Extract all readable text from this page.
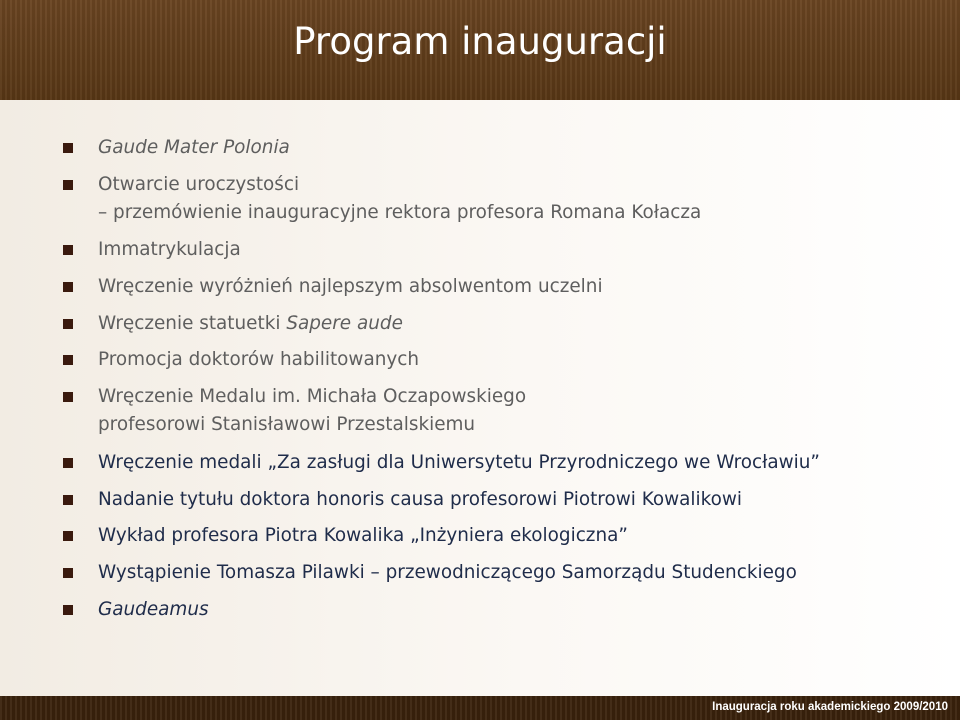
Program inauguracji
Gaude Mater Polonia
Otwarcie uroczystości
– przemówienie inauguracyjne rektora profesora Romana Kołacza
Immatrykulacja
Wręczenie wyróżnień najlepszym absolwentom uczelni
Wręczenie statuetki Sapere aude
Promocja doktorów habilitowanych
Wręczenie Medalu im. Michała Oczapowskiego
profesorowi Stanisławowi Przestalskiemu
Wręczenie medali „Za zasługi dla Uniwersytetu Przyrodniczego we Wrocławiu”
Nadanie tytułu doktora honoris causa profesorowi Piotrowi Kowalikowi
Wykład profesora Piotra Kowalika „Inżyniera ekologiczna”
Wystąpienie Tomasza Pilawki – przewodniczącego Samorządu Studenckiego
Gaudeamus
Inauguracja roku akademickiego 2009/2010
